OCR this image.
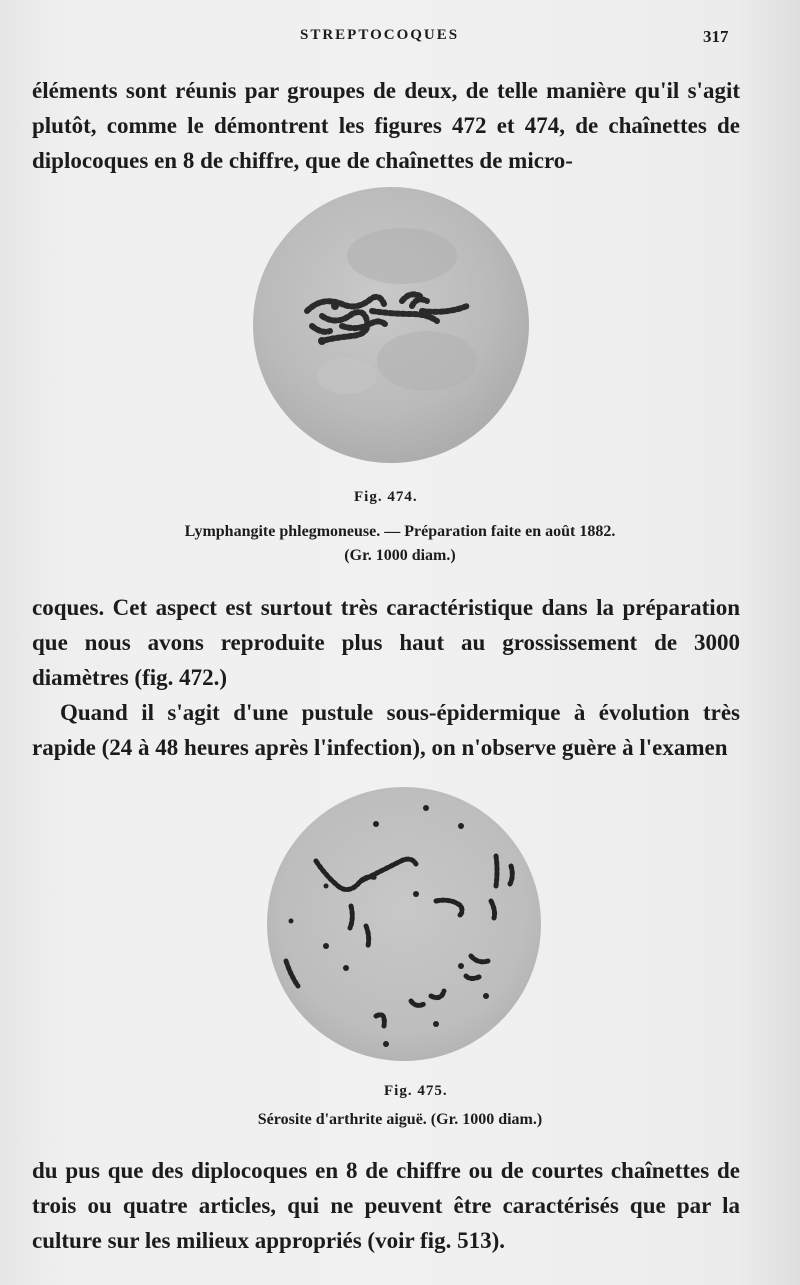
STREPTOCOQUES	317

éléments sont réunis par groupes de deux, de telle manière qu'il s'agit plutôt, comme le démontrent les figures 472 et 474, de chaînettes de diplocoques en 8 de chiffre, que de chaînettes de micro-

Fig. 474.
Lymphangite phlegmoneuse. — Préparation faite en août 1882.
(Gr. 1000 diam.)

coques. Cet aspect est surtout très caractéristique dans la préparation que nous avons reproduite plus haut au grossissement de 3000 diamètres (fig. 472.)

Quand il s'agit d'une pustule sous-épidermique à évolution très rapide (24 à 48 heures après l'infection), on n'observe guère à l'examen

Fig. 475.
Sérosite d'arthrite aiguë. (Gr. 1000 diam.)

du pus que des diplocoques en 8 de chiffre ou de courtes chaînettes de trois ou quatre articles, qui ne peuvent être caractérisés que par la culture sur les milieux appropriés (voir fig. 513).
